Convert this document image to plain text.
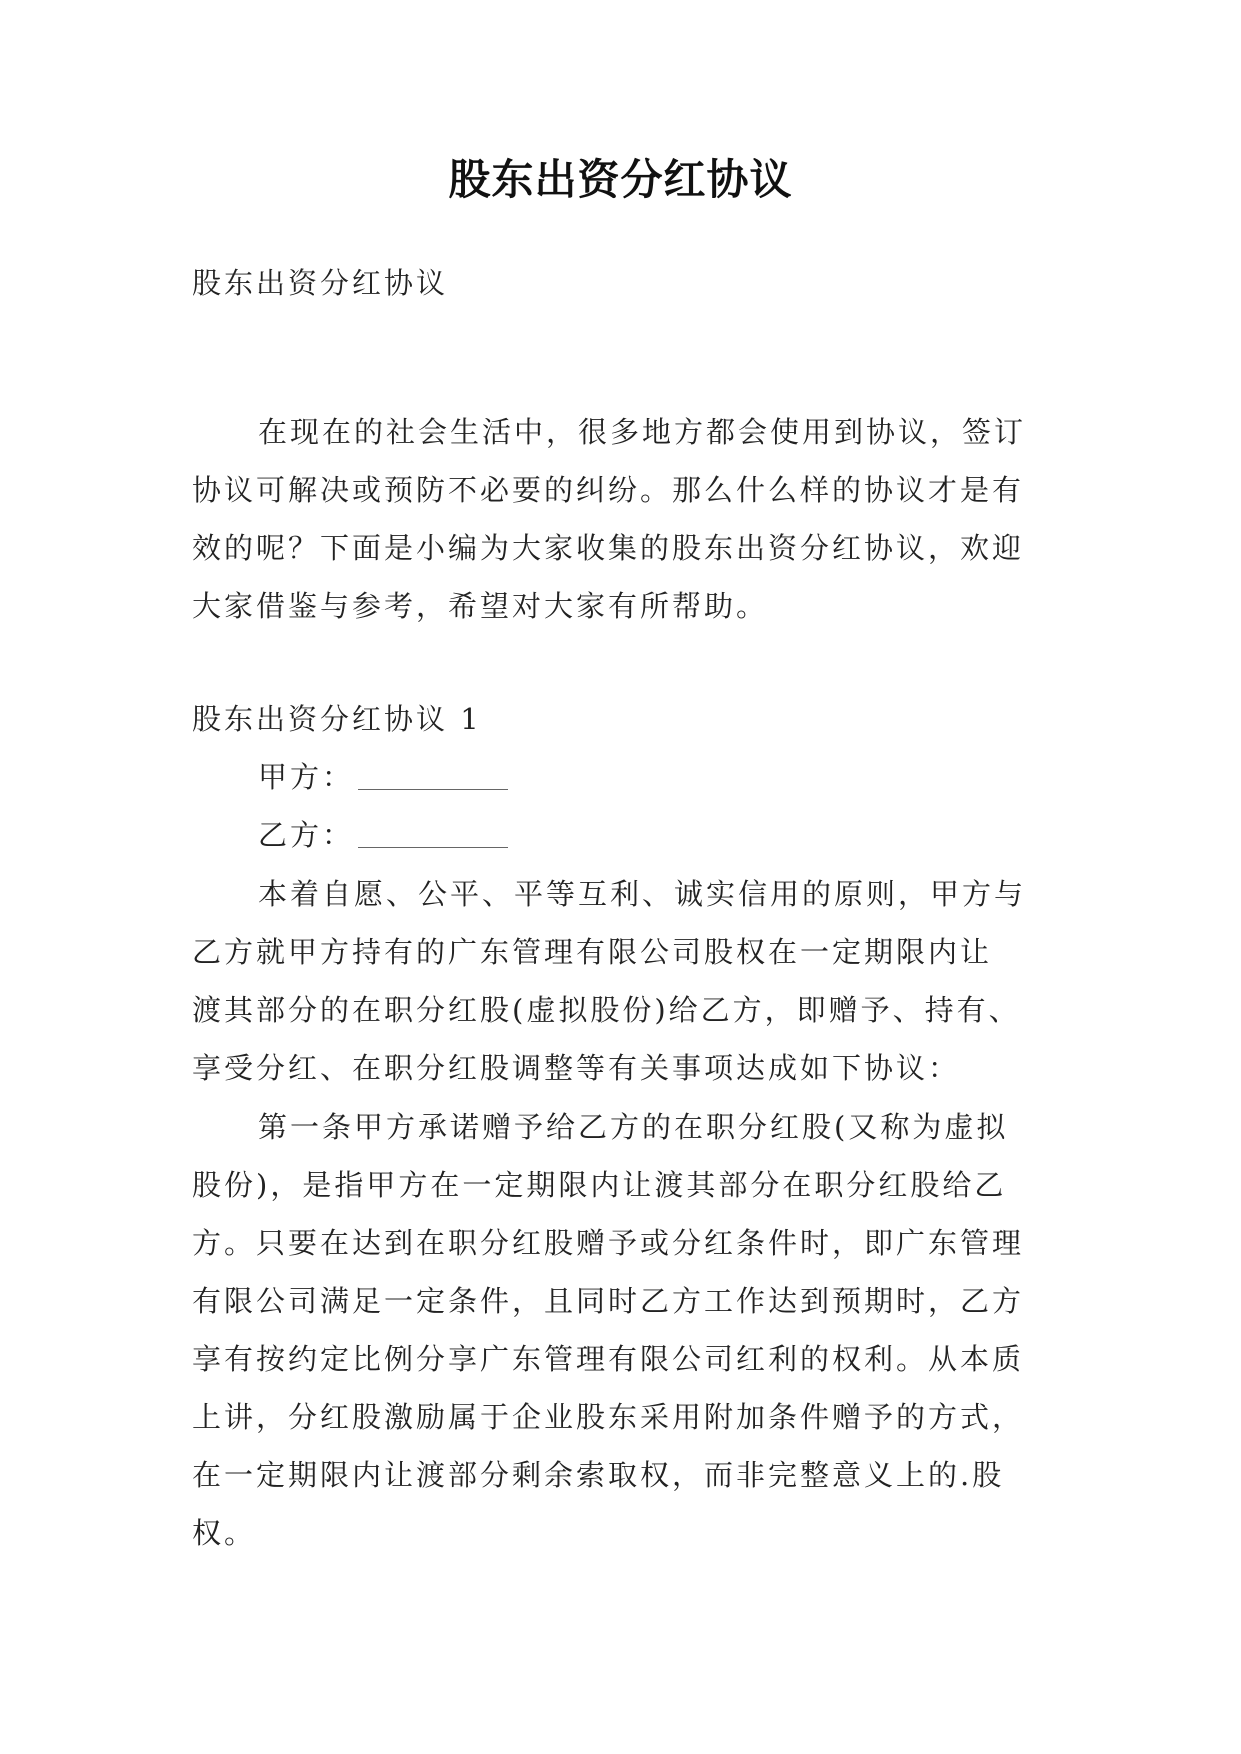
股东出资分红协议
股东出资分红协议
在现在的社会生活中，很多地方都会使用到协议，签订
协议可解决或预防不必要的纠纷。那么什么样的协议才是有
效的呢？下面是小编为大家收集的股东出资分红协议，欢迎
大家借鉴与参考，希望对大家有所帮助。
股东出资分红协议 1
甲方：
乙方：
本着自愿、公平、平等互利、诚实信用的原则，甲方与
乙方就甲方持有的广东管理有限公司股权在一定期限内让
渡其部分的在职分红股(虚拟股份)给乙方，即赠予、持有、
享受分红、在职分红股调整等有关事项达成如下协议：
第一条甲方承诺赠予给乙方的在职分红股(又称为虚拟
股份)，是指甲方在一定期限内让渡其部分在职分红股给乙
方。只要在达到在职分红股赠予或分红条件时，即广东管理
有限公司满足一定条件，且同时乙方工作达到预期时，乙方
享有按约定比例分享广东管理有限公司红利的权利。从本质
上讲，分红股激励属于企业股东采用附加条件赠予的方式，
在一定期限内让渡部分剩余索取权，而非完整意义上的.股
权。
